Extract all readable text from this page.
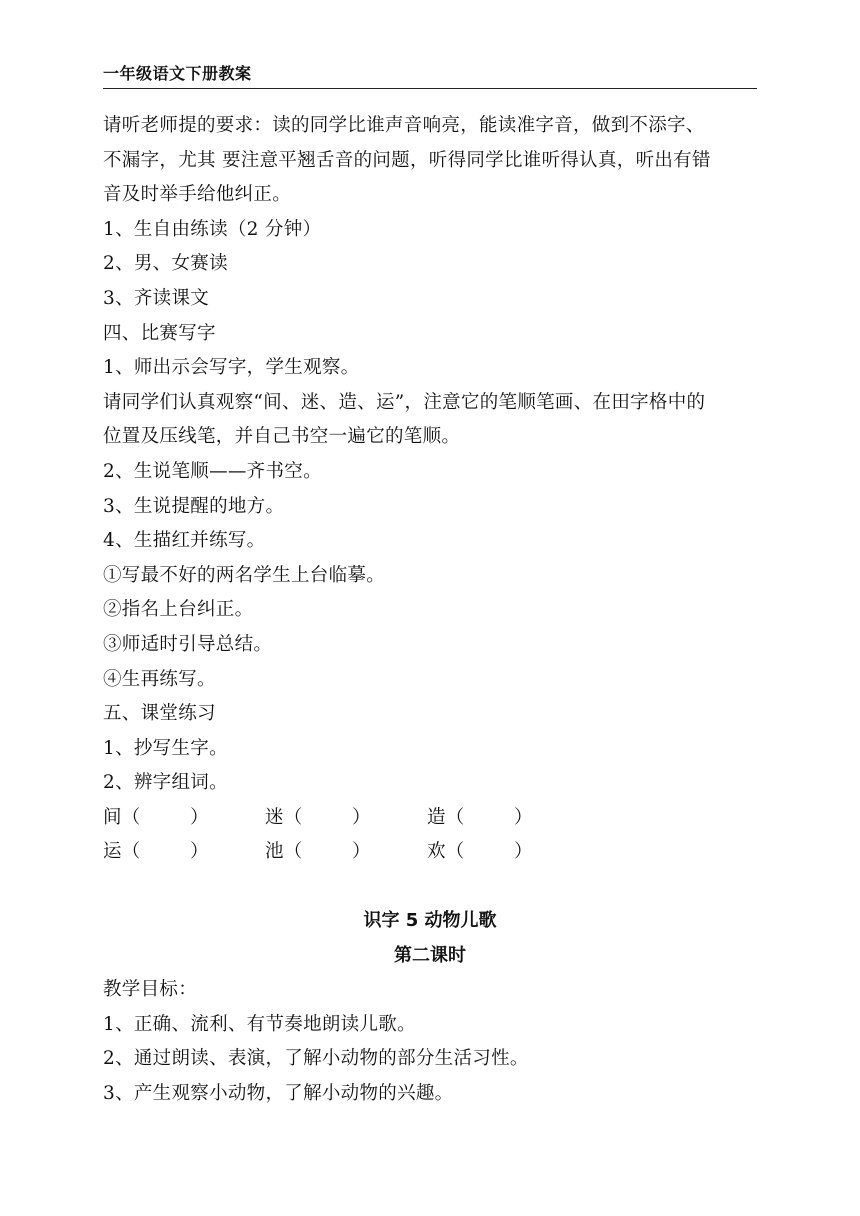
一年级语文下册教案
请听老师提的要求：读的同学比谁声音响亮，能读准字音，做到不添字、
不漏字，尤其 要注意平翘舌音的问题，听得同学比谁听得认真，听出有错
音及时举手给他纠正。
1、生自由练读（2 分钟）
2、男、女赛读
3、齐读课文
四、比赛写字
1、师出示会写字，学生观察。
请同学们认真观察“间、迷、造、运”，注意它的笔顺笔画、在田字格中的
位置及压线笔，并自己书空一遍它的笔顺。
2、生说笔顺——齐书空。
3、生说提醒的地方。
4、生描红并练写。
①写最不好的两名学生上台临摹。
②指名上台纠正。
③师适时引导总结。
④生再练写。
五、课堂练习
1、抄写生字。
2、辨字组词。
间（        ）	迷（        ）	造（        ）
运（        ）	池（        ）	欢（        ）
识字 5 动物儿歌
第二课时
教学目标：
1、正确、流利、有节奏地朗读儿歌。
2、通过朗读、表演，了解小动物的部分生活习性。
3、产生观察小动物，了解小动物的兴趣。
